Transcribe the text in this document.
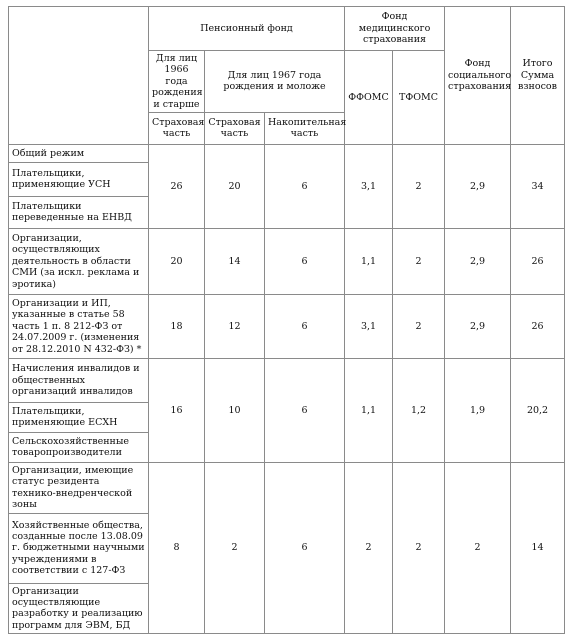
	Пенсионный фонд			Фонд медицинского страхования		Фонд социального страхования	Итого Сумма взносов
	Для лиц 1966 года рождения и старше	Для лиц 1967 года рождения и моложе		ФФОМС	ТФОМС		
	Страховая часть	Страховая часть	Накопительная часть				
Общий режим	26	20	6	3,1	2	2,9	34
Плательщики, применяющие УСН							
Плательщики переведенные на ЕНВД							
Организации, осуществляющих деятельность в области СМИ (за искл. реклама и эротика)	20	14	6	1,1	2	2,9	26
Организации и ИП, указанные в статье 58 часть 1 п. 8 212-ФЗ от 24.07.2009 г. (изменения от 28.12.2010 N 432-ФЗ) *	18	12	6	3,1	2	2,9	26
Начисления инвалидов и общественных организаций инвалидов	16	10	6	1,1	1,2	1,9	20,2
Плательщики, применяющие ЕСХН							
Сельскохозяйственные товаропроизводители							
Организации, имеющие статус резидента технико-внедренческой зоны	8	2	6	2	2	2	14
Хозяйственные общества, созданные после 13.08.09 г. бюджетными научными учреждениями в соответствии с 127-ФЗ							
Организации осуществляющие разработку и реализацию программ для ЭВМ, БД							
